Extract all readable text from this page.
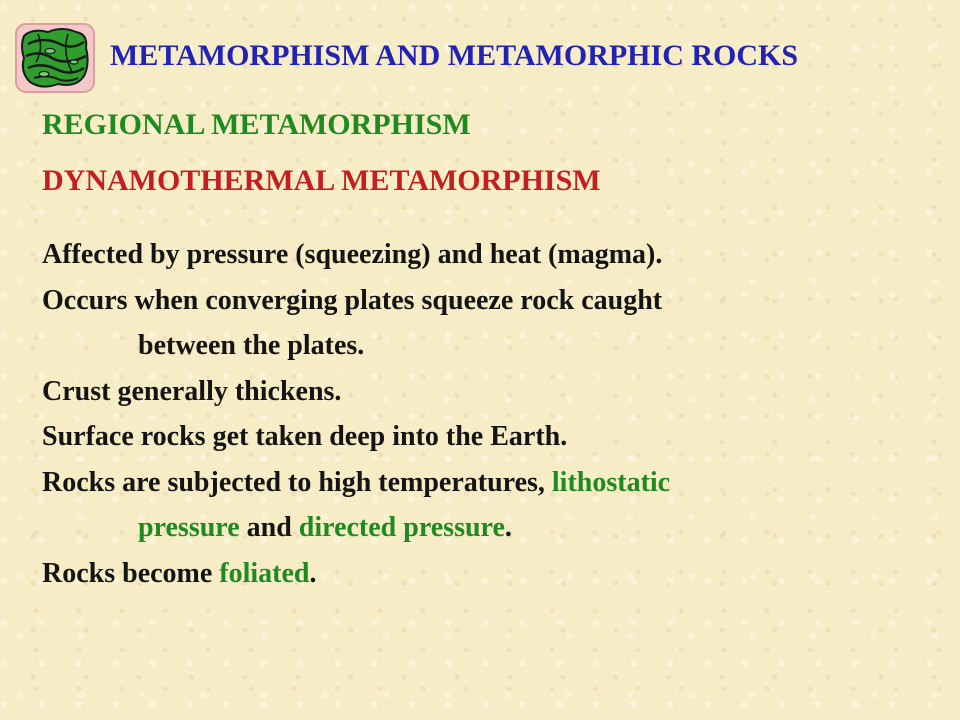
METAMORPHISM AND METAMORPHIC ROCKS
REGIONAL METAMORPHISM
DYNAMOTHERMAL METAMORPHISM
Affected by pressure (squeezing) and heat (magma).
Occurs when converging plates squeeze rock caught
between the plates.
Crust generally thickens.
Surface rocks get taken deep into the Earth.
Rocks are subjected to high temperatures, lithostatic
pressure and directed pressure.
Rocks become foliated.
